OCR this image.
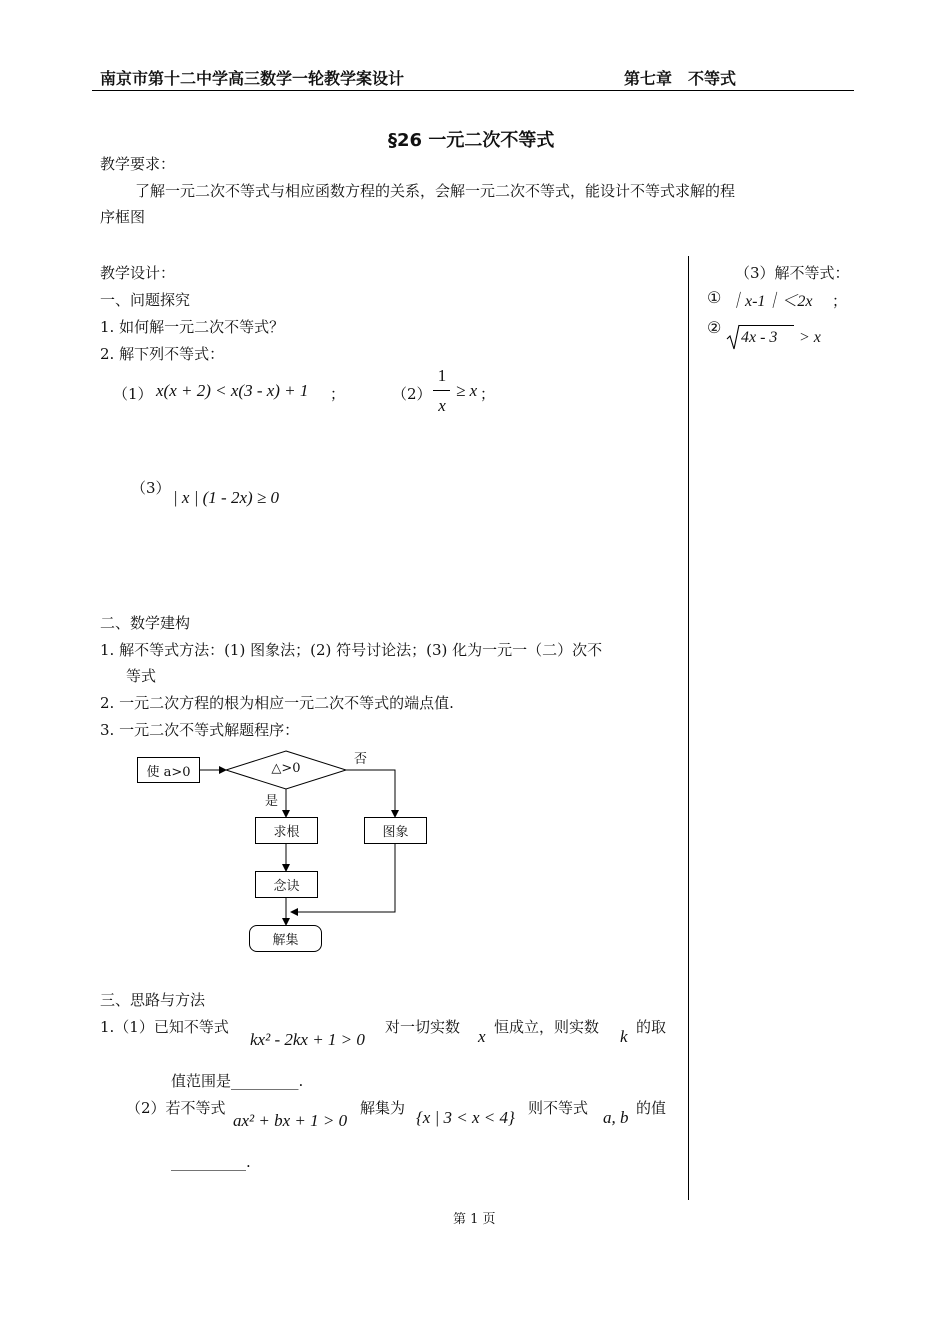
南京市第十二中学高三数学一轮教学案设计	第七章　不等式
§26 一元二次不等式
教学要求：
了解一元二次不等式与相应函数方程的关系，会解一元二次不等式，能设计不等式求解的程
序框图
教学设计：
一、问题探究
1. 如何解一元二次不等式？
2. 解下列不等式：
（1） x(x + 2) < x(3 - x) + 1 ；	（2）
1
x
≥ x ；
（3） | x | (1 - 2x) ≥ 0
（3）解不等式：
① ｜x-1｜＜2x ；
②
4x - 3 > x
二、数学建构
1. 解不等式方法：(1) 图象法；(2) 符号讨论法；(3) 化为一元一（二）次不
等式
2. 一元二次方程的根为相应一元二次不等式的端点值.
3. 一元二次不等式解题程序：
使 a>0	△>0
否
是
求根	图象
念诀
解集
三、思路与方法
1.（1）已知不等式
kx² - 2kx + 1 > 0
对一切实数 x 恒成立，则实数 k 的取
值范围是_________.
（2）若不等式
ax² + bx + 1 > 0
解集为 {x | 3 < x < 4} 则不等式 a, b 的值
__________.
第 1 页
